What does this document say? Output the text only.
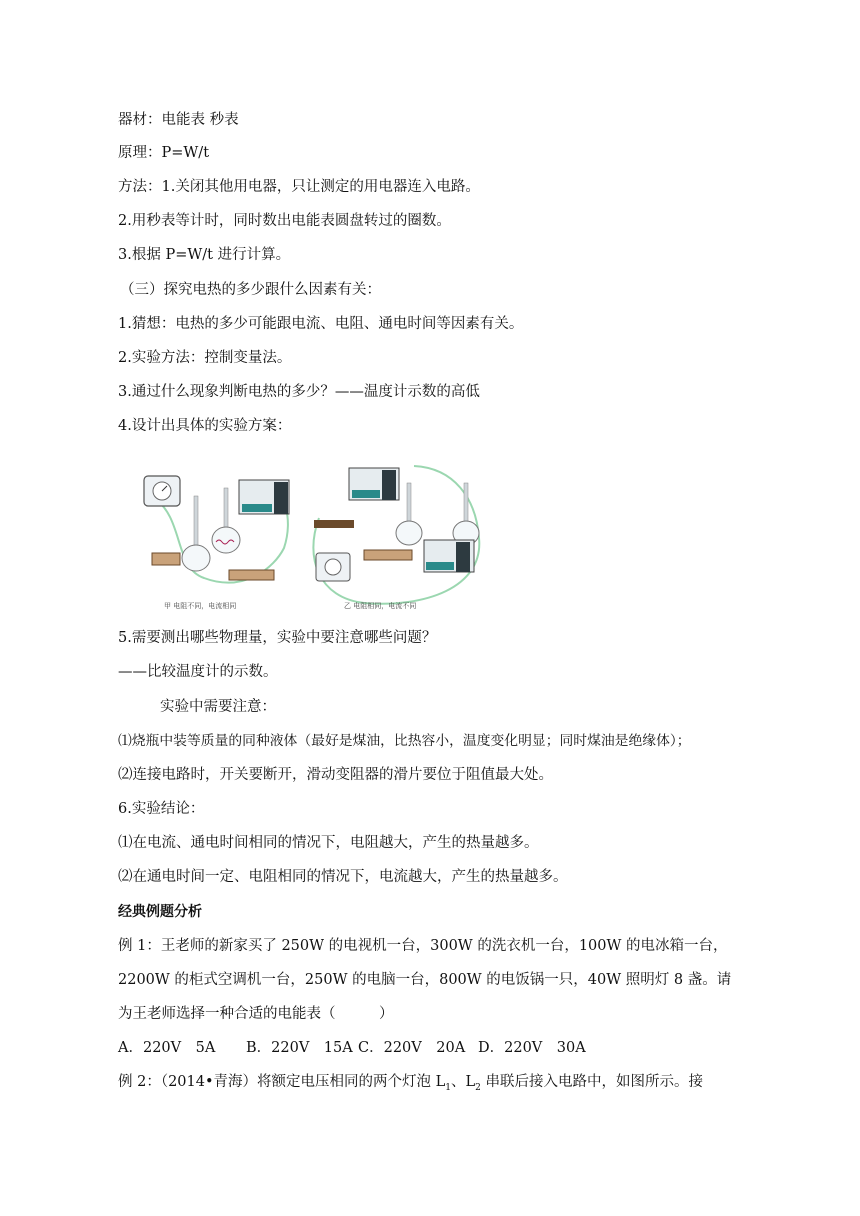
器材：电能表 秒表
原理：P=W/t
方法：1.关闭其他用电器，只让测定的用电器连入电路。
2.用秒表等计时，同时数出电能表圆盘转过的圈数。
3.根据 P=W/t 进行计算。
（三）探究电热的多少跟什么因素有关：
1.猜想：电热的多少可能跟电流、电阻、通电时间等因素有关。
2.实验方法：控制变量法。
3.通过什么现象判断电热的多少？——温度计示数的高低
4.设计出具体的实验方案：
甲 电阻不同，电流相同	乙 电阻相同，电流不同
5.需要测出哪些物理量，实验中要注意哪些问题？
——比较温度计的示数。
实验中需要注意：
⑴烧瓶中装等质量的同种液体（最好是煤油，比热容小，温度变化明显；同时煤油是绝缘体）；
⑵连接电路时，开关要断开，滑动变阻器的滑片要位于阻值最大处。
6.实验结论：
⑴在电流、通电时间相同的情况下，电阻越大，产生的热量越多。
⑵在通电时间一定、电阻相同的情况下，电流越大，产生的热量越多。
经典例题分析
例 1：王老师的新家买了 250W 的电视机一台，300W 的洗衣机一台，100W 的电冰箱一台，
2200W 的柜式空调机一台，250W 的电脑一台，800W 的电饭锅一只，40W 照明灯 8 盏。请
为王老师选择一种合适的电能表（　　　）
A．220V　5A B．220V　15A C．220V　20A D．220V　30A
例 2：（2014•青海）将额定电压相同的两个灯泡 $L_1$、$L_2$ 串联后接入电路中，如图所示。接
